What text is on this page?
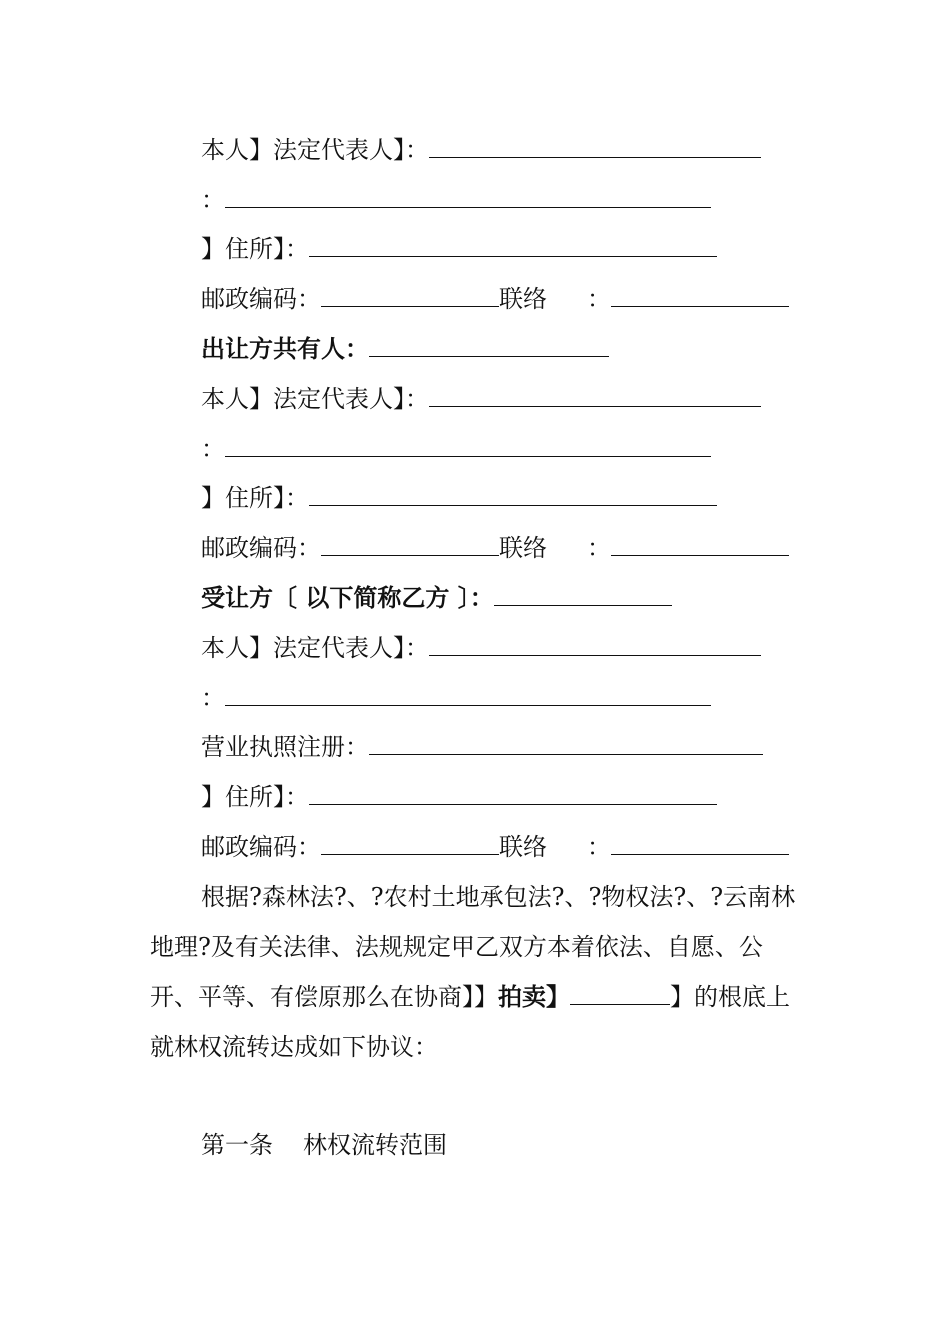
本人】法定代表人】：
：
】住所】：
邮政编码：	联络 ：
出让方共有人：
本人】法定代表人】：
：
】住所】：
邮政编码：	联络 ：
受让方〔 以下简称乙方 〕：
本人】法定代表人】：
：
营业执照注册：
】住所】：
邮政编码：	联络 ：
根据?森林法?、?农村土地承包法?、?物权法?、?云南林地理?及有关法律、法规规定甲乙双方本着依法、自愿、公开、平等、有偿原那么在协商】】拍卖】	】的根底上就林权流转达成如下协议：
第一条 林权流转范围
